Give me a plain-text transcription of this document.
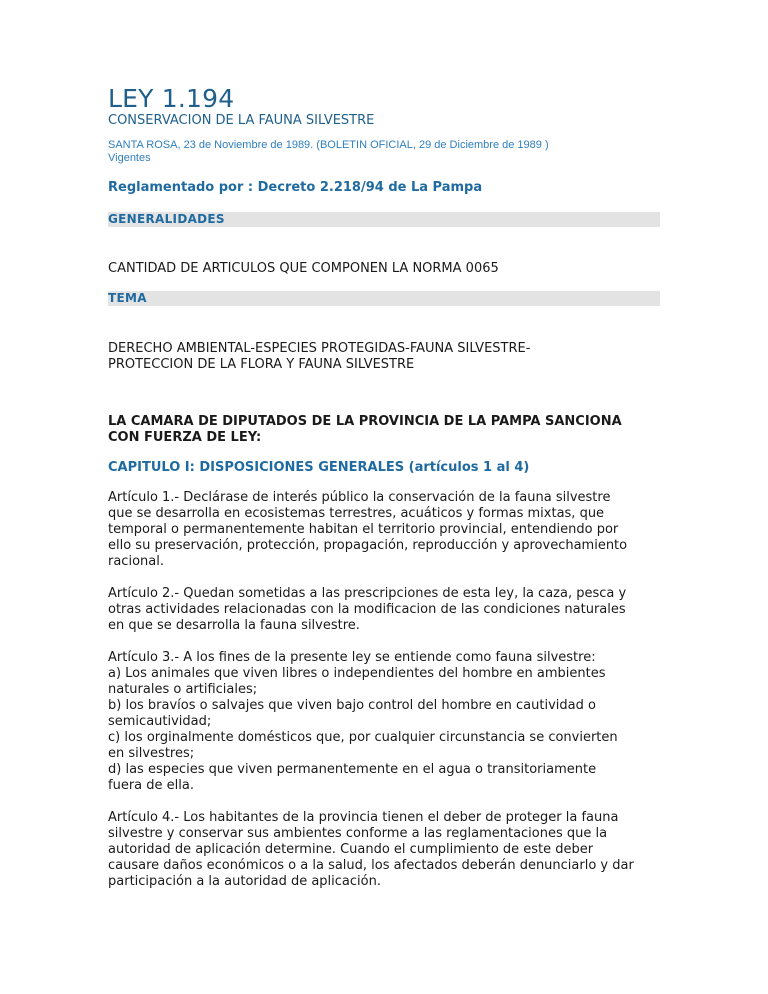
LEY 1.194
CONSERVACION DE LA FAUNA SILVESTRE
SANTA ROSA, 23 de Noviembre de 1989. (BOLETIN OFICIAL, 29 de Diciembre de 1989 )
Vigentes
Reglamentado por : Decreto 2.218/94 de La Pampa
GENERALIDADES
CANTIDAD DE ARTICULOS QUE COMPONEN LA NORMA 0065
TEMA
DERECHO AMBIENTAL-ESPECIES PROTEGIDAS-FAUNA SILVESTRE-
PROTECCION DE LA FLORA Y FAUNA SILVESTRE
LA CAMARA DE DIPUTADOS DE LA PROVINCIA DE LA PAMPA SANCIONA
CON FUERZA DE LEY:
CAPITULO I: DISPOSICIONES GENERALES (artículos 1 al 4)
Artículo 1.- Declárase de interés público la conservación de la fauna silvestre
que se desarrolla en ecosistemas terrestres, acuáticos y formas mixtas, que
temporal o permanentemente habitan el territorio provincial, entendiendo por
ello su preservación, protección, propagación, reproducción y aprovechamiento
racional.
Artículo 2.- Quedan sometidas a las prescripciones de esta ley, la caza, pesca y
otras actividades relacionadas con la modificacion de las condiciones naturales
en que se desarrolla la fauna silvestre.
Artículo 3.- A los fines de la presente ley se entiende como fauna silvestre:
a) Los animales que viven libres o independientes del hombre en ambientes
naturales o artificiales;
b) los bravíos o salvajes que viven bajo control del hombre en cautividad o
semicautividad;
c) los orginalmente domésticos que, por cualquier circunstancia se convierten
en silvestres;
d) las especies que viven permanentemente en el agua o transitoriamente
fuera de ella.
Artículo 4.- Los habitantes de la provincia tienen el deber de proteger la fauna
silvestre y conservar sus ambientes conforme a las reglamentaciones que la
autoridad de aplicación determine. Cuando el cumplimiento de este deber
causare daños económicos o a la salud, los afectados deberán denunciarlo y dar
participación a la autoridad de aplicación.
